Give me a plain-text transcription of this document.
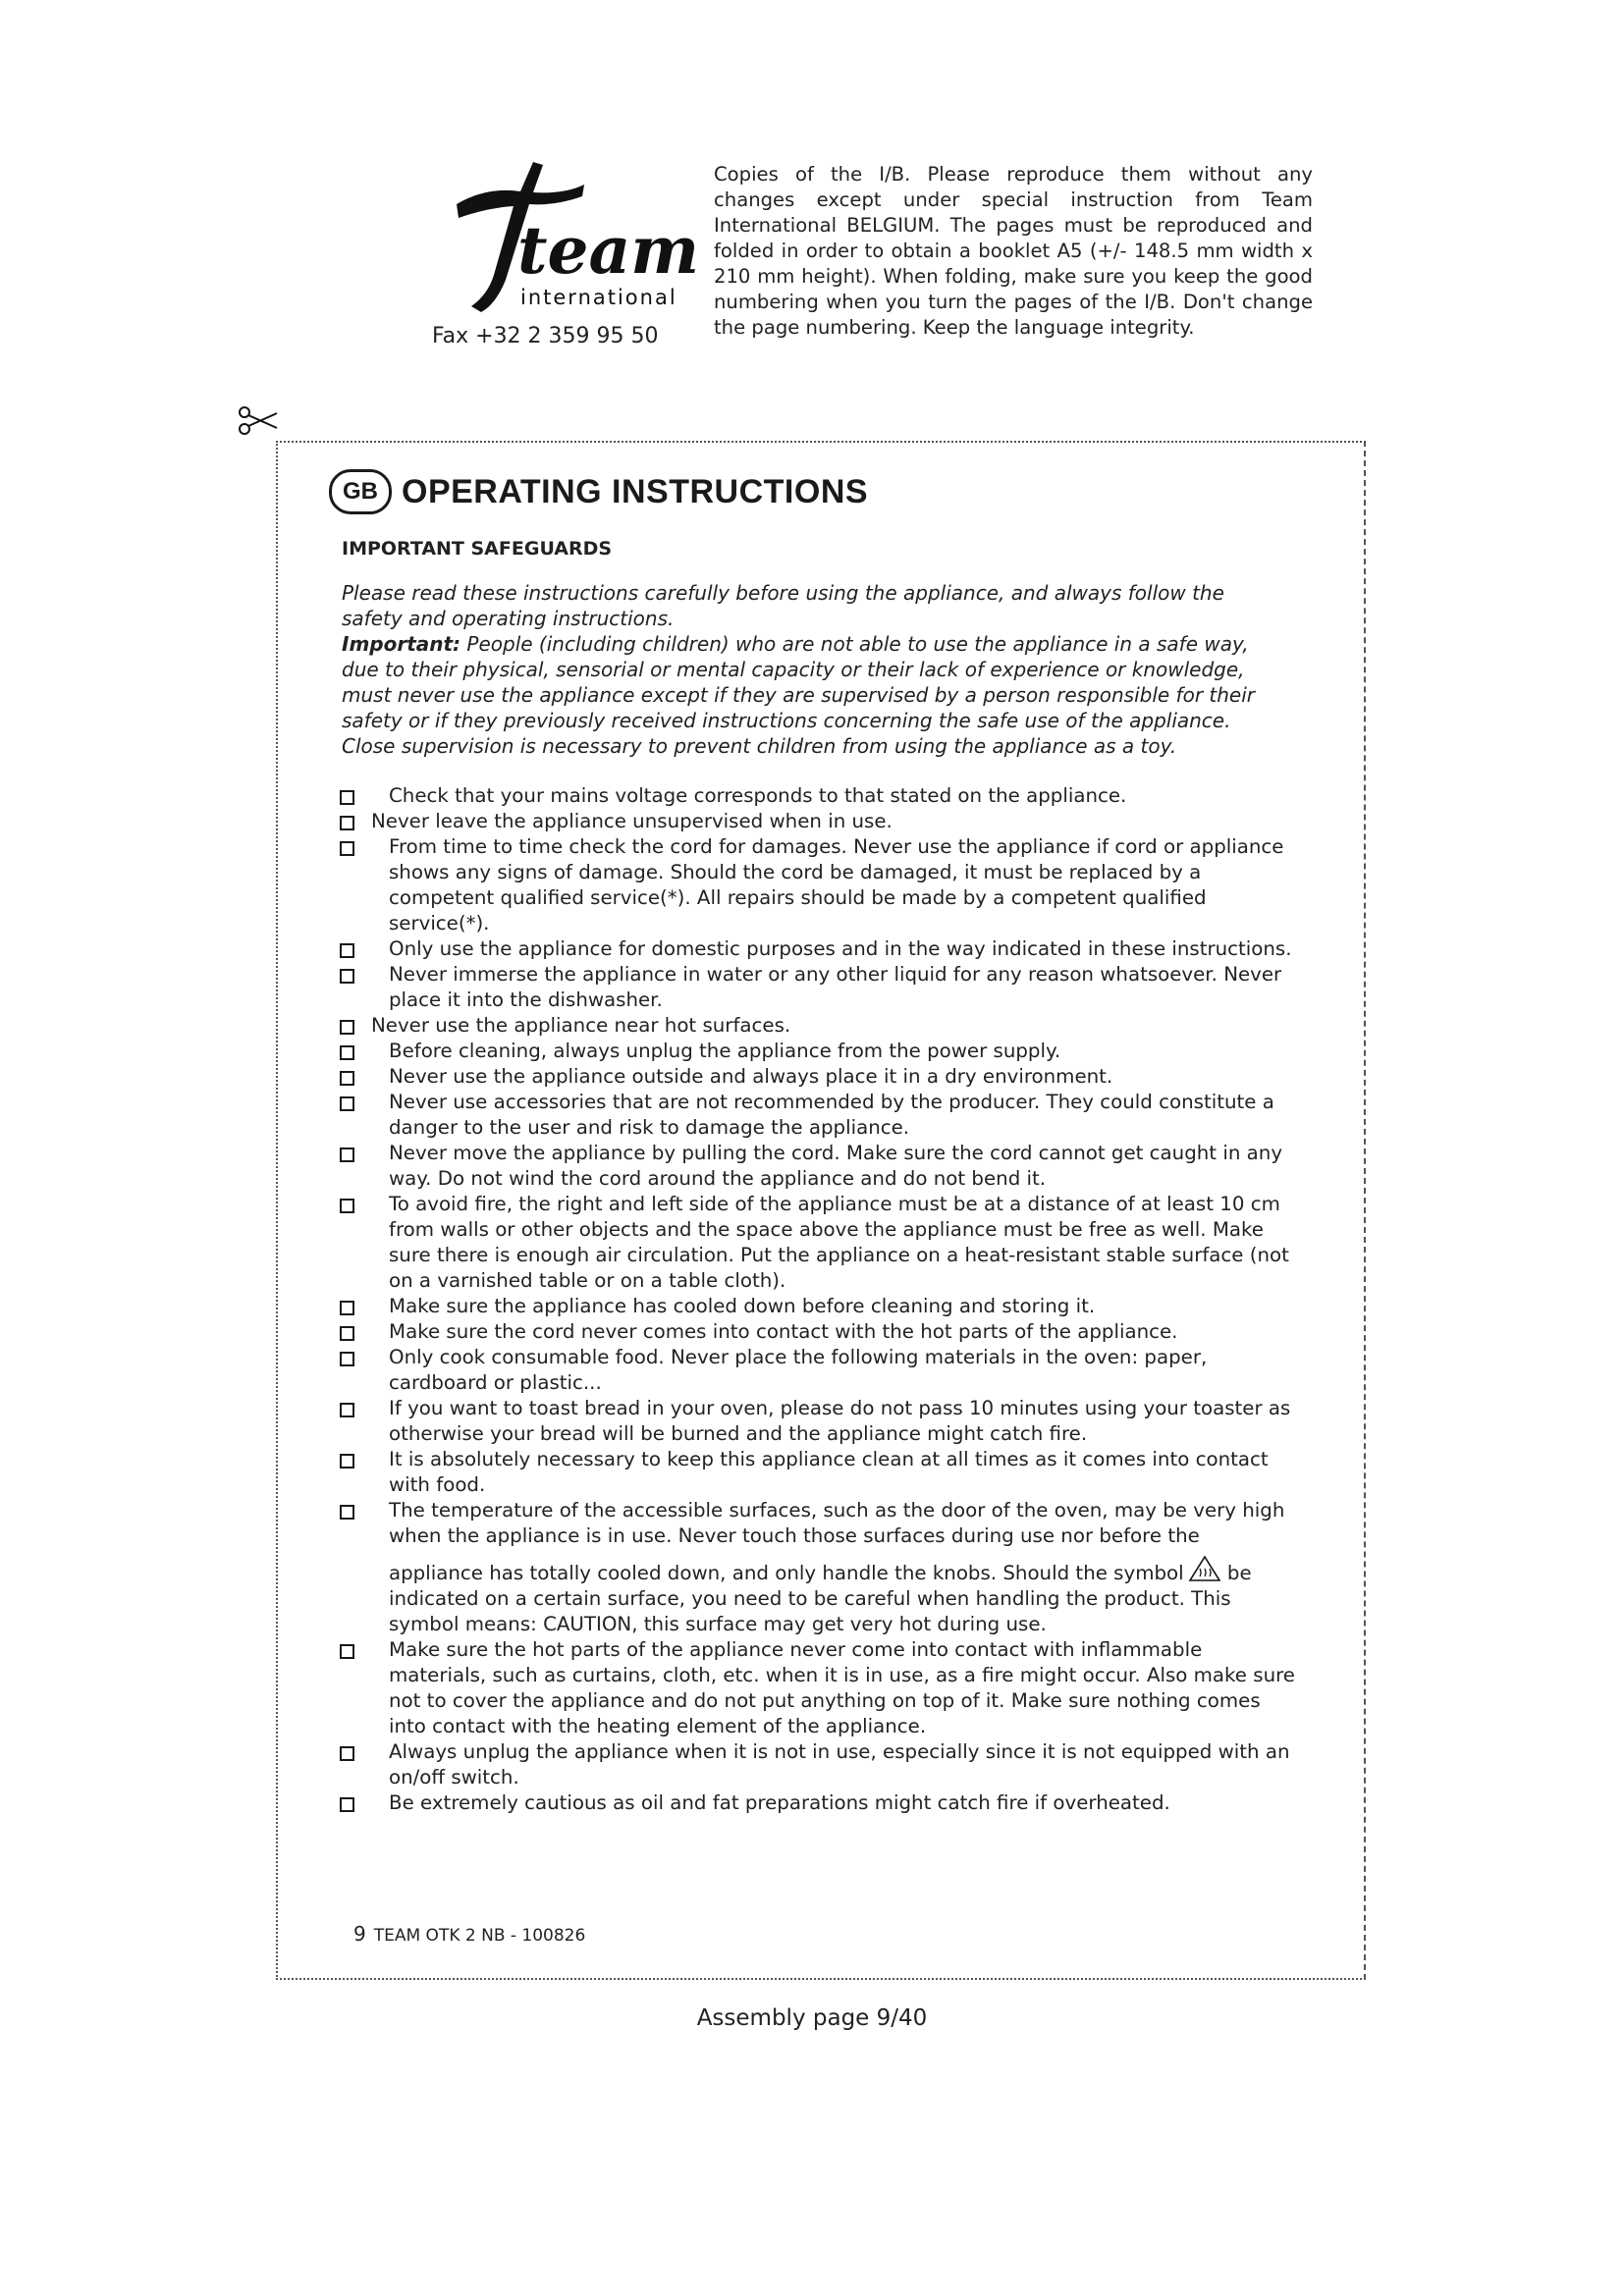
team
international
Fax +32 2 359 95 50
Copies of the I/B. Please reproduce them without any changes except under special instruction from Team International BELGIUM. The pages must be reproduced and folded in order to obtain a booklet A5 (+/- 148.5 mm width x 210 mm height). When folding, make sure you keep the good numbering when you turn the pages of the I/B. Don't change the page numbering. Keep the language integrity.
GB OPERATING INSTRUCTIONS
IMPORTANT SAFEGUARDS
Please read these instructions carefully before using the appliance, and always follow the safety and operating instructions.
Important: People (including children) who are not able to use the appliance in a safe way, due to their physical, sensorial or mental capacity or their lack of experience or knowledge, must never use the appliance except if they are supervised by a person responsible for their safety or if they previously received instructions concerning the safe use of the appliance. Close supervision is necessary to prevent children from using the appliance as a toy.
Check that your mains voltage corresponds to that stated on the appliance.
Never leave the appliance unsupervised when in use.
From time to time check the cord for damages. Never use the appliance if cord or appliance shows any signs of damage. Should the cord be damaged, it must be replaced by a competent qualified service(*). All repairs should be made by a competent qualified service(*).
Only use the appliance for domestic purposes and in the way indicated in these instructions.
Never immerse the appliance in water or any other liquid for any reason whatsoever. Never place it into the dishwasher.
Never use the appliance near hot surfaces.
Before cleaning, always unplug the appliance from the power supply.
Never use the appliance outside and always place it in a dry environment.
Never use accessories that are not recommended by the producer. They could constitute a danger to the user and risk to damage the appliance.
Never move the appliance by pulling the cord. Make sure the cord cannot get caught in any way. Do not wind the cord around the appliance and do not bend it.
To avoid fire, the right and left side of the appliance must be at a distance of at least 10 cm from walls or other objects and the space above the appliance must be free as well. Make sure there is enough air circulation. Put the appliance on a heat-resistant stable surface (not on a varnished table or on a table cloth).
Make sure the appliance has cooled down before cleaning and storing it.
Make sure the cord never comes into contact with the hot parts of the appliance.
Only cook consumable food. Never place the following materials in the oven: paper, cardboard or plastic...
If you want to toast bread in your oven, please do not pass 10 minutes using your toaster as otherwise your bread will be burned and the appliance might catch fire.
It is absolutely necessary to keep this appliance clean at all times as it comes into contact with food.
The temperature of the accessible surfaces, such as the door of the oven, may be very high when the appliance is in use. Never touch those surfaces during use nor before the
appliance has totally cooled down, and only handle the knobs. Should the symbol be indicated on a certain surface, you need to be careful when handling the product. This symbol means: CAUTION, this surface may get very hot during use.
Make sure the hot parts of the appliance never come into contact with inflammable materials, such as curtains, cloth, etc. when it is in use, as a fire might occur. Also make sure not to cover the appliance and do not put anything on top of it. Make sure nothing comes into contact with the heating element of the appliance.
Always unplug the appliance when it is not in use, especially since it is not equipped with an on/off switch.
Be extremely cautious as oil and fat preparations might catch fire if overheated.
9 TEAM OTK 2 NB - 100826
Assembly page 9/40
